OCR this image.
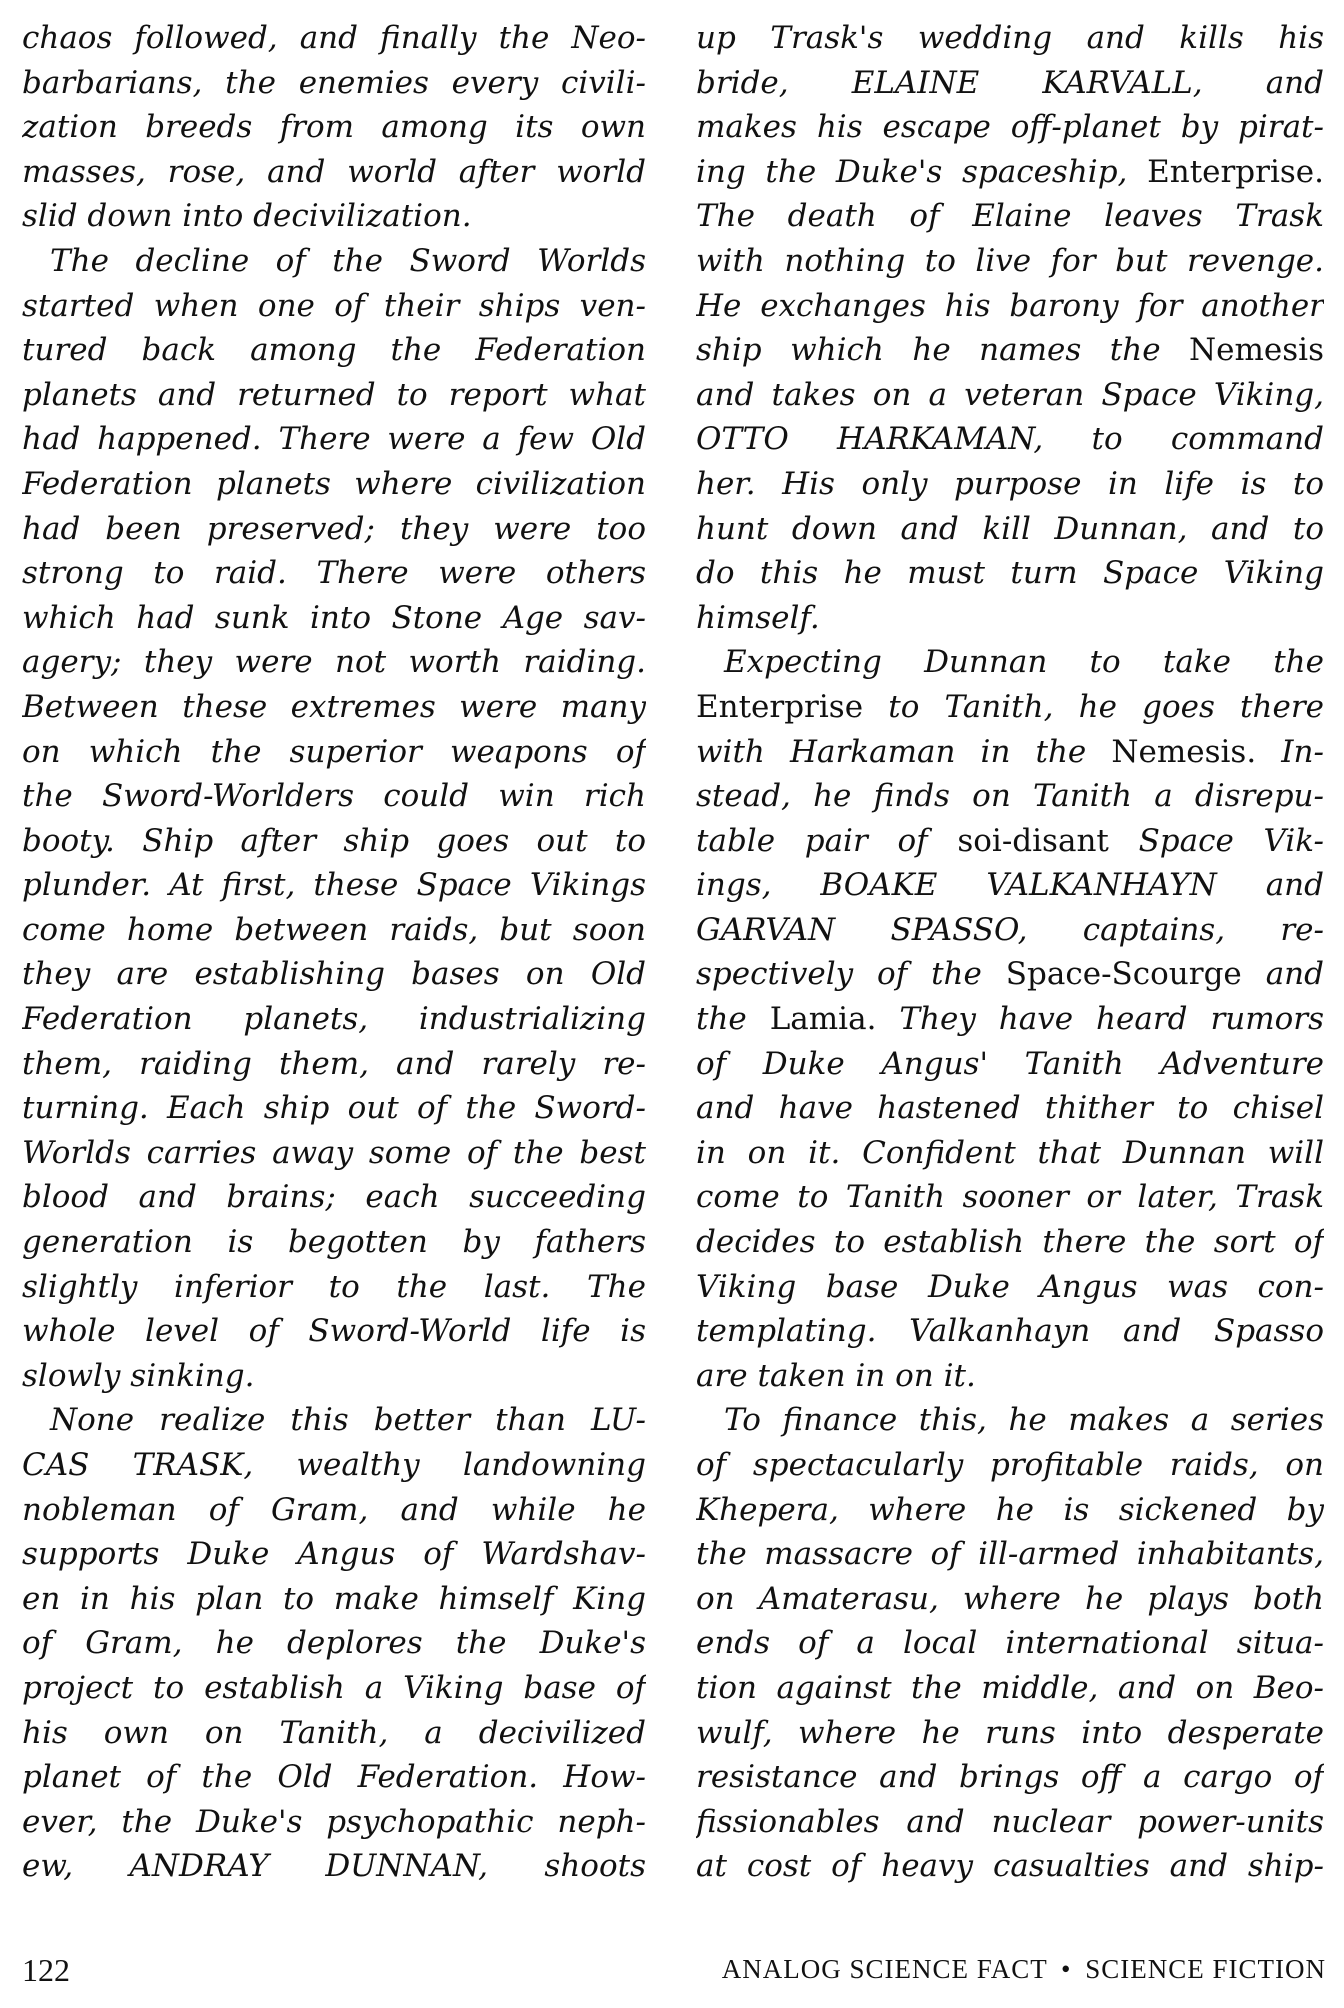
chaos followed, and finally the Neo-
barbarians, the enemies every civili-
zation breeds from among its own
masses, rose, and world after world
slid down into decivilization.
The decline of the Sword Worlds
started when one of their ships ven-
tured back among the Federation
planets and returned to report what
had happened. There were a few Old
Federation planets where civilization
had been preserved; they were too
strong to raid. There were others
which had sunk into Stone Age sav-
agery; they were not worth raiding.
Between these extremes were many
on which the superior weapons of
the Sword-Worlders could win rich
booty. Ship after ship goes out to
plunder. At first, these Space Vikings
come home between raids, but soon
they are establishing bases on Old
Federation planets, industrializing
them, raiding them, and rarely re-
turning. Each ship out of the Sword-
Worlds carries away some of the best
blood and brains; each succeeding
generation is begotten by fathers
slightly inferior to the last. The
whole level of Sword-World life is
slowly sinking.
None realize this better than LU-
CAS TRASK, wealthy landowning
nobleman of Gram, and while he
supports Duke Angus of Wardshav-
en in his plan to make himself King
of Gram, he deplores the Duke's
project to establish a Viking base of
his own on Tanith, a decivilized
planet of the Old Federation. How-
ever, the Duke's psychopathic neph-
ew, ANDRAY DUNNAN, shoots
up Trask's wedding and kills his
bride, ELAINE KARVALL, and
makes his escape off-planet by pirat-
ing the Duke's spaceship, Enterprise.
The death of Elaine leaves Trask
with nothing to live for but revenge.
He exchanges his barony for another
ship which he names the Nemesis
and takes on a veteran Space Viking,
OTTO HARKAMAN, to command
her. His only purpose in life is to
hunt down and kill Dunnan, and to
do this he must turn Space Viking
himself.
Expecting Dunnan to take the
Enterprise to Tanith, he goes there
with Harkaman in the Nemesis. In-
stead, he finds on Tanith a disrepu-
table pair of soi-disant Space Vik-
ings, BOAKE VALKANHAYN and
GARVAN SPASSO, captains, re-
spectively of the Space-Scourge and
the Lamia. They have heard rumors
of Duke Angus' Tanith Adventure
and have hastened thither to chisel
in on it. Confident that Dunnan will
come to Tanith sooner or later, Trask
decides to establish there the sort of
Viking base Duke Angus was con-
templating. Valkanhayn and Spasso
are taken in on it.
To finance this, he makes a series
of spectacularly profitable raids, on
Khepera, where he is sickened by
the massacre of ill-armed inhabitants,
on Amaterasu, where he plays both
ends of a local international situa-
tion against the middle, and on Beo-
wulf, where he runs into desperate
resistance and brings off a cargo of
fissionables and nuclear power-units
at cost of heavy casualties and ship-
122	ANALOG SCIENCE FACT • SCIENCE FICTION
